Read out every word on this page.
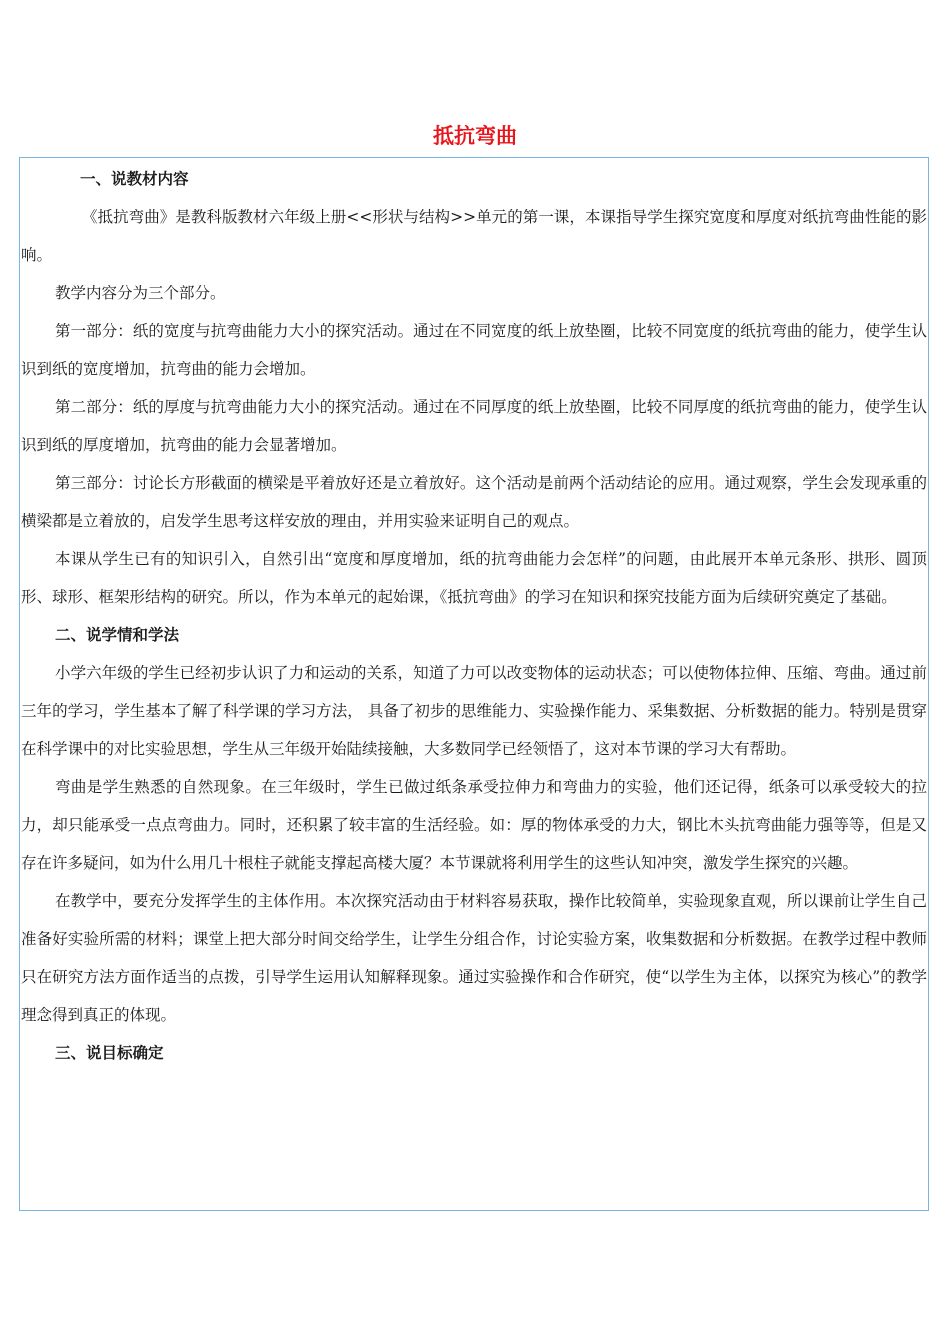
抵抗弯曲

一、说教材内容

《抵抗弯曲》是教科版教材六年级上册<<形状与结构>>单元的第一课，本课指导学生探究宽度和厚度对纸抗弯曲性能的影响。

教学内容分为三个部分。

第一部分：纸的宽度与抗弯曲能力大小的探究活动。通过在不同宽度的纸上放垫圈，比较不同宽度的纸抗弯曲的能力，使学生认识到纸的宽度增加，抗弯曲的能力会增加。

第二部分：纸的厚度与抗弯曲能力大小的探究活动。通过在不同厚度的纸上放垫圈，比较不同厚度的纸抗弯曲的能力，使学生认识到纸的厚度增加，抗弯曲的能力会显著增加。

第三部分：讨论长方形截面的横梁是平着放好还是立着放好。这个活动是前两个活动结论的应用。通过观察，学生会发现承重的横梁都是立着放的，启发学生思考这样安放的理由，并用实验来证明自己的观点。

本课从学生已有的知识引入，自然引出“宽度和厚度增加，纸的抗弯曲能力会怎样”的问题，由此展开本单元条形、拱形、圆顶形、球形、框架形结构的研究。所以，作为本单元的起始课，《抵抗弯曲》的学习在知识和探究技能方面为后续研究奠定了基础。

二、说学情和学法

小学六年级的学生已经初步认识了力和运动的关系，知道了力可以改变物体的运动状态；可以使物体拉伸、压缩、弯曲。通过前三年的学习，学生基本了解了科学课的学习方法， 具备了初步的思维能力、实验操作能力、采集数据、分析数据的能力。特别是贯穿在科学课中的对比实验思想，学生从三年级开始陆续接触，大多数同学已经领悟了，这对本节课的学习大有帮助。

弯曲是学生熟悉的自然现象。在三年级时，学生已做过纸条承受拉伸力和弯曲力的实验，他们还记得，纸条可以承受较大的拉力，却只能承受一点点弯曲力。同时，还积累了较丰富的生活经验。如：厚的物体承受的力大，钢比木头抗弯曲能力强等等，但是又存在许多疑问，如为什么用几十根柱子就能支撑起高楼大厦？本节课就将利用学生的这些认知冲突，激发学生探究的兴趣。

在教学中，要充分发挥学生的主体作用。本次探究活动由于材料容易获取，操作比较简单，实验现象直观，所以课前让学生自己准备好实验所需的材料；课堂上把大部分时间交给学生，让学生分组合作，讨论实验方案，收集数据和分析数据。在教学过程中教师只在研究方法方面作适当的点拨，引导学生运用认知解释现象。通过实验操作和合作研究，使“以学生为主体，以探究为核心”的教学理念得到真正的体现。

三、说目标确定
